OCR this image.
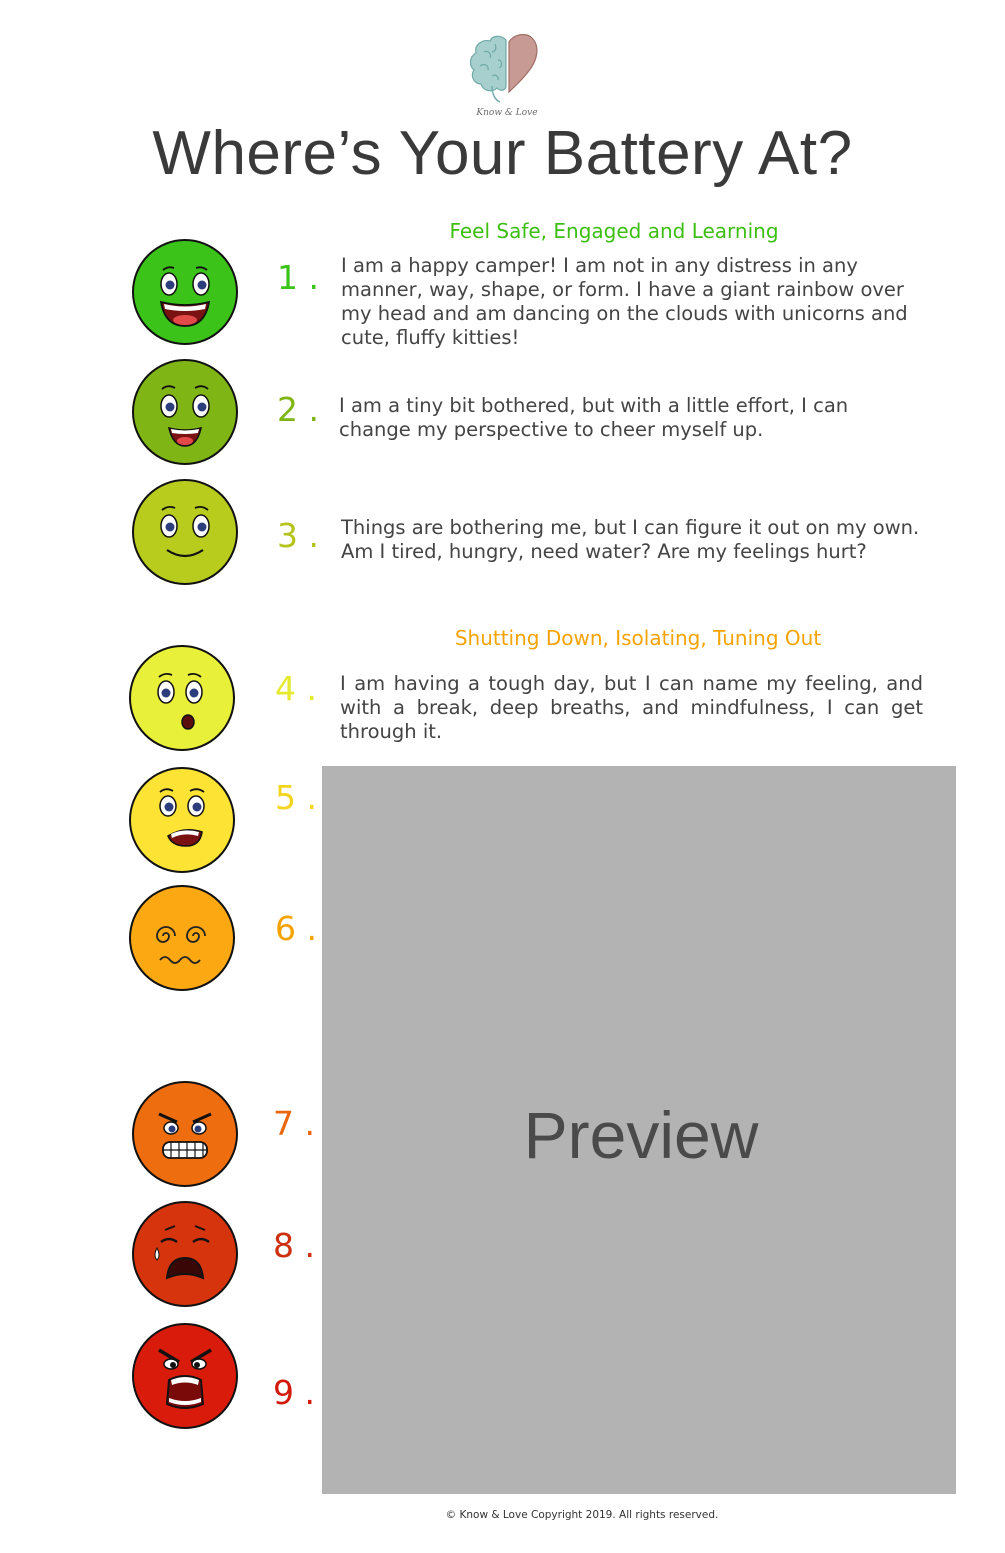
Know & Love
Where’s Your Battery At?
Feel Safe, Engaged and Learning
Shutting Down, Isolating, Tuning Out
1 .
2 .
3 .
4 .
5 .
6 .
7 .
8 .
9 .
I am a happy camper! I am not in any distress in any manner, way, shape, or form. I have a giant rainbow over my head and am dancing on the clouds with unicorns and cute, fluffy kitties!
I am a tiny bit bothered, but with a little effort, I can change my perspective to cheer myself up.
Things are bothering me, but I can figure it out on my own. Am I tired, hungry, need water? Are my feelings hurt?
I am having a tough day, but I can name my feeling, and with a break, deep breaths, and mindfulness, I can get through it.
Preview
© Know & Love Copyright 2019. All rights reserved.
